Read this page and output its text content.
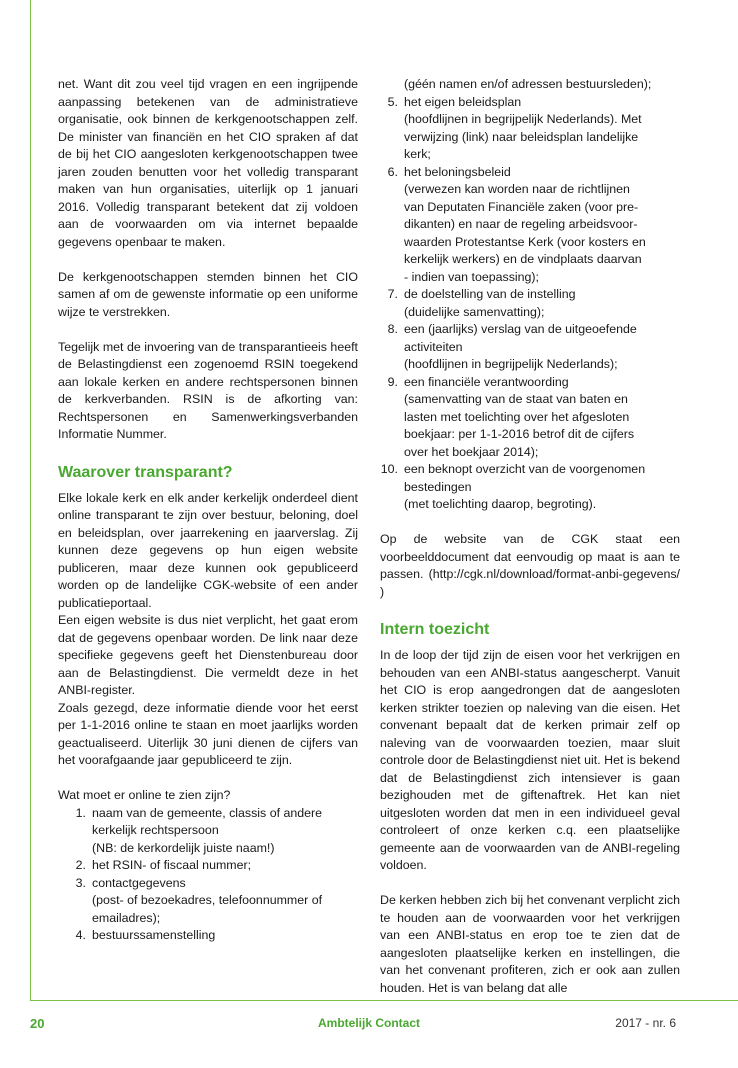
net. Want dit zou veel tijd vragen en een ingrijpende aanpassing betekenen van de administratieve organisatie, ook binnen de kerkgenootschappen zelf. De minister van financiën en het CIO spraken af dat de bij het CIO aangesloten kerkgenootschappen twee jaren zouden benutten voor het volledig transparant maken van hun organisaties, uiterlijk op 1 januari 2016. Volledig transparant betekent dat zij voldoen aan de voorwaarden om via internet bepaalde gegevens openbaar te maken.

De kerkgenootschappen stemden binnen het CIO samen af om de gewenste informatie op een uniforme wijze te verstrekken.

Tegelijk met de invoering van de transparantieeis heeft de Belastingdienst een zogenoemd RSIN toegekend aan lokale kerken en andere rechtspersonen binnen de kerkverbanden. RSIN is de afkorting van: Rechtspersonen en Samenwerkingsverbanden Informatie Nummer.

Waarover transparant?

Elke lokale kerk en elk ander kerkelijk onderdeel dient online transparant te zijn over bestuur, beloning, doel en beleidsplan, over jaarrekening en jaarverslag. Zij kunnen deze gegevens op hun eigen website publiceren, maar deze kunnen ook gepubliceerd worden op de landelijke CGK-website of een ander publicatieportaal.

Een eigen website is dus niet verplicht, het gaat erom dat de gegevens openbaar worden. De link naar deze specifieke gegevens geeft het Dienstenbureau door aan de Belastingdienst. Die vermeldt deze in het ANBI-register.

Zoals gezegd, deze informatie diende voor het eerst per 1-1-2016 online te staan en moet jaarlijks worden geactualiseerd. Uiterlijk 30 juni dienen de cijfers van het voorafgaande jaar gepubliceerd te zijn.

Wat moet er online te zien zijn?

1. naam van de gemeente, classis of andere
kerkelijk rechtspersoon
(NB: de kerkordelijk juiste naam!)
2. het RSIN- of fiscaal nummer;
3. contactgegevens
(post- of bezoekadres, telefoonnummer of
emailadres);
4. bestuurssamenstelling
(géén namen en/of adressen bestuursleden);
5. het eigen beleidsplan
(hoofdlijnen in begrijpelijk Nederlands). Met
verwijzing (link) naar beleidsplan landelijke
kerk;
6. het beloningsbeleid
(verwezen kan worden naar de richtlijnen
van Deputaten Financiële zaken (voor pre-
dikanten) en naar de regeling arbeidsvoor-
waarden Protestantse Kerk (voor kosters en
kerkelijk werkers) en de vindplaats daarvan
- indien van toepassing);
7. de doelstelling van de instelling
(duidelijke samenvatting);
8. een (jaarlijks) verslag van de uitgeoefende
activiteiten
(hoofdlijnen in begrijpelijk Nederlands);
9. een financiële verantwoording
(samenvatting van de staat van baten en
lasten met toelichting over het afgesloten
boekjaar: per 1-1-2016 betrof dit de cijfers
over het boekjaar 2014);
10. een beknopt overzicht van de voorgenomen
bestedingen
(met toelichting daarop, begroting).

Op de website van de CGK staat een voorbeelddocument dat eenvoudig op maat is aan te passen. (http://cgk.nl/download/format-anbi-gegevens/ )

Intern toezicht

In de loop der tijd zijn de eisen voor het verkrijgen en behouden van een ANBI-status aangescherpt. Vanuit het CIO is erop aangedrongen dat de aangesloten kerken strikter toezien op naleving van die eisen. Het convenant bepaalt dat de kerken primair zelf op naleving van de voorwaarden toezien, maar sluit controle door de Belastingdienst niet uit. Het is bekend dat de Belastingdienst zich intensiever is gaan bezighouden met de giftenaftrek. Het kan niet uitgesloten worden dat men in een individueel geval controleert of onze kerken c.q. een plaatselijke gemeente aan de voorwaarden van de ANBI-regeling voldoen.

De kerken hebben zich bij het convenant verplicht zich te houden aan de voorwaarden voor het verkrijgen van een ANBI-status en erop toe te zien dat de aangesloten plaatselijke kerken en instellingen, die van het convenant profiteren, zich er ook aan zullen houden. Het is van belang dat alle

20	Ambtelijk Contact	2017 - nr. 6
